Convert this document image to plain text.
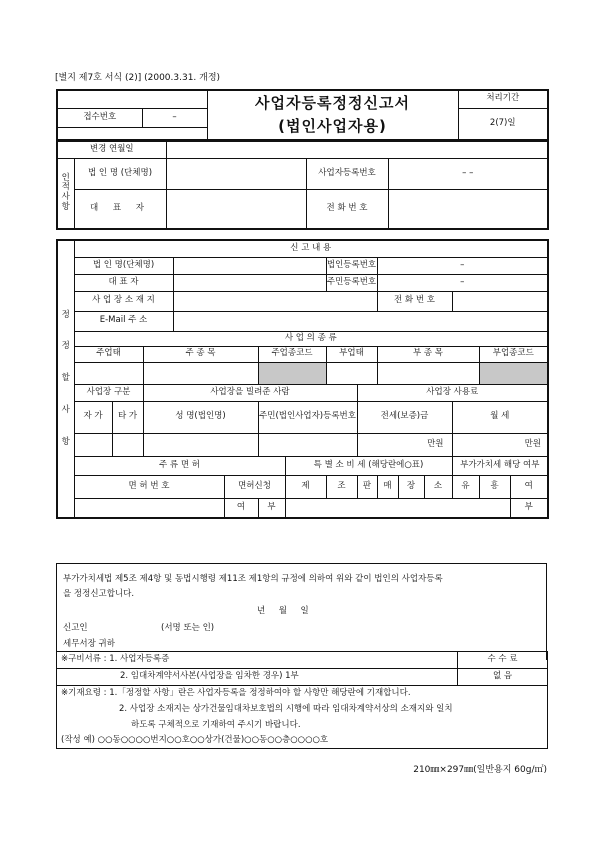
[별지 제7호 서식 (2)] (2000.3.31. 개정)

		사업자등록정정신고서
(법인사업자용)	처리기간
접수번호	–		2(7)일

변경 연월일				

인
적
사
항	법 인 명 (단체명)		사업자등록번호	– –
	대 표 자		전 화 번 호	
정
정
할
사
항	신 고 내 용														
	법 인 명(단체명)							법인등록번호		–					
	대 표 자							주민등록번호		–					
	사 업 장 소 재 지									전 화 번 호					
	E-Mail 주 소														
	사 업 의 종 류														
	주업태		주 종 목			주업종코드		부업태		부 종 목				부업종코드	

	사업장 구분		사업장을 빌려준 사람						사업장 사용료						
	자 가	타 가	성 명(법인명)			주민(법인사업자)등록번호			전세(보증)금				월 세		
									만원				만원		
	주 류 면 허						특 별 소 비 세 (해당란에○표)						부가가치세 해당 여부		
	면 허 번 호				면허신청		제	조	판	매	장	소	유	흥	여
					여	부									부
부가가치세법 제5조 제4항 및 동법시행령 제11조 제1항의 규정에 의하여 위와 같이 법인의 사업자등록
을 정정신고합니다.
년     월     일
신고인	(서명 또는 인)
세무서장 귀하
※구비서류 : 1. 사업자등록증	수 수 료
2. 임대차계약서사본(사업장을 임차한 경우) 1부	없 음
※기재요령 : 1.「정정할 사항」란은 사업자등록을 정정하여야 할 사항만 해당란에 기재합니다.	
2. 사업장 소재지는 상가건물임대차보호법의 시행에 따라 임대차계약서상의 소재지와 일치	
하도록 구체적으로 기재하여 주시기 바랍니다.	
(작성 예) ○○동○○○○번지○○호○○상가(건물)○○동○○층○○○○호	
210㎜×297㎜(일반용지 60g/㎡)
